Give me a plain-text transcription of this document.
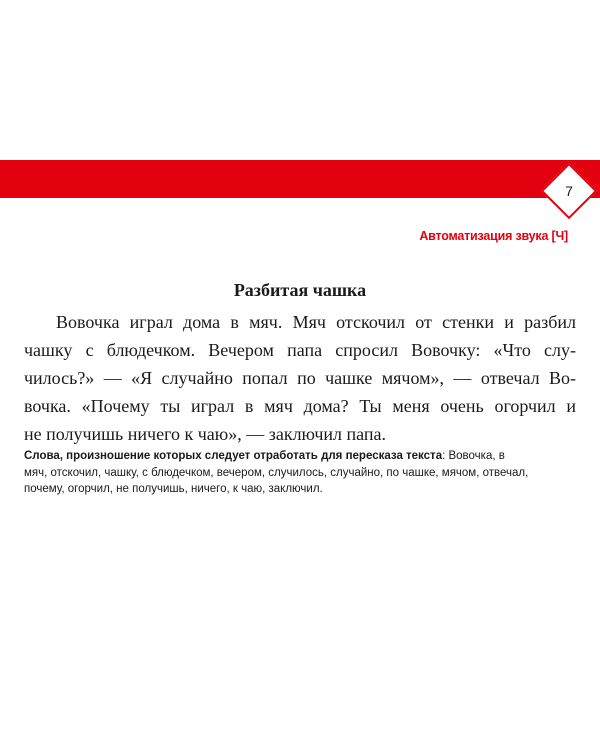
7
Автоматизация звука [Ч]
Разбитая чашка
Вовочка играл дома в мяч. Мяч отскочил от стенки и разбил
чашку с блюдечком. Вечером папа спросил Вовочку: «Что слу-
чилось?» — «Я случайно попал по чашке мячом», — отвечал Во-
вочка. «Почему ты играл в мяч дома? Ты меня очень огорчил и
не получишь ничего к чаю», — заключил папа.
Слова, произношение которых следует отработать для пересказа текста: Вовочка, в
мяч, отскочил, чашку, с блюдечком, вечером, случилось, случайно, по чашке, мячом, отвечал,
почему, огорчил, не получишь, ничего, к чаю, заключил.
